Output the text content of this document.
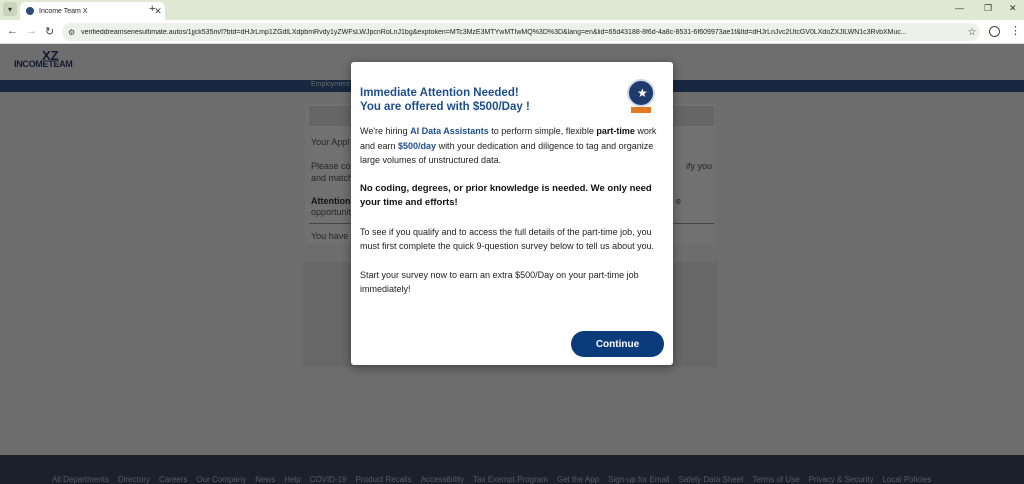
▾	Income Team X	✕
+	— ❐ ✕
← → ↻ ⚙ verifieddreamseriesultimate.autos/1jjck535m/l?btd=dHJrLmp1ZGdlLXdpbmRvdy1yZWFsLWJpcnRoLnJ1bg&exptoken=MTc3MzE3MTYwMTIwMQ%3D%3D&lang=en&lid=65d43188-8f6d-4a8c-8531-6f609973ae1f&ltd=dHJrLnJvc2UtcGV0LXdoZXJlLWN1c3RvbXMuc...	☆	⋮
Immediate Attention Needed!
You are offered with $500/Day !
★

We're hiring AI Data Assistants to perform simple, flexible part-time work and earn $500/day with your dedication and diligence to tag and organize large volumes of unstructured data.

No coding, degrees, or prior knowledge is needed. We only need your time and efforts!

To see if you qualify and to access the full details of the part-time job, you must first complete the quick 9-question survey below to tell us about you.

Start your survey now to earn an extra $500/Day on your part-time job immediately!

Continue
